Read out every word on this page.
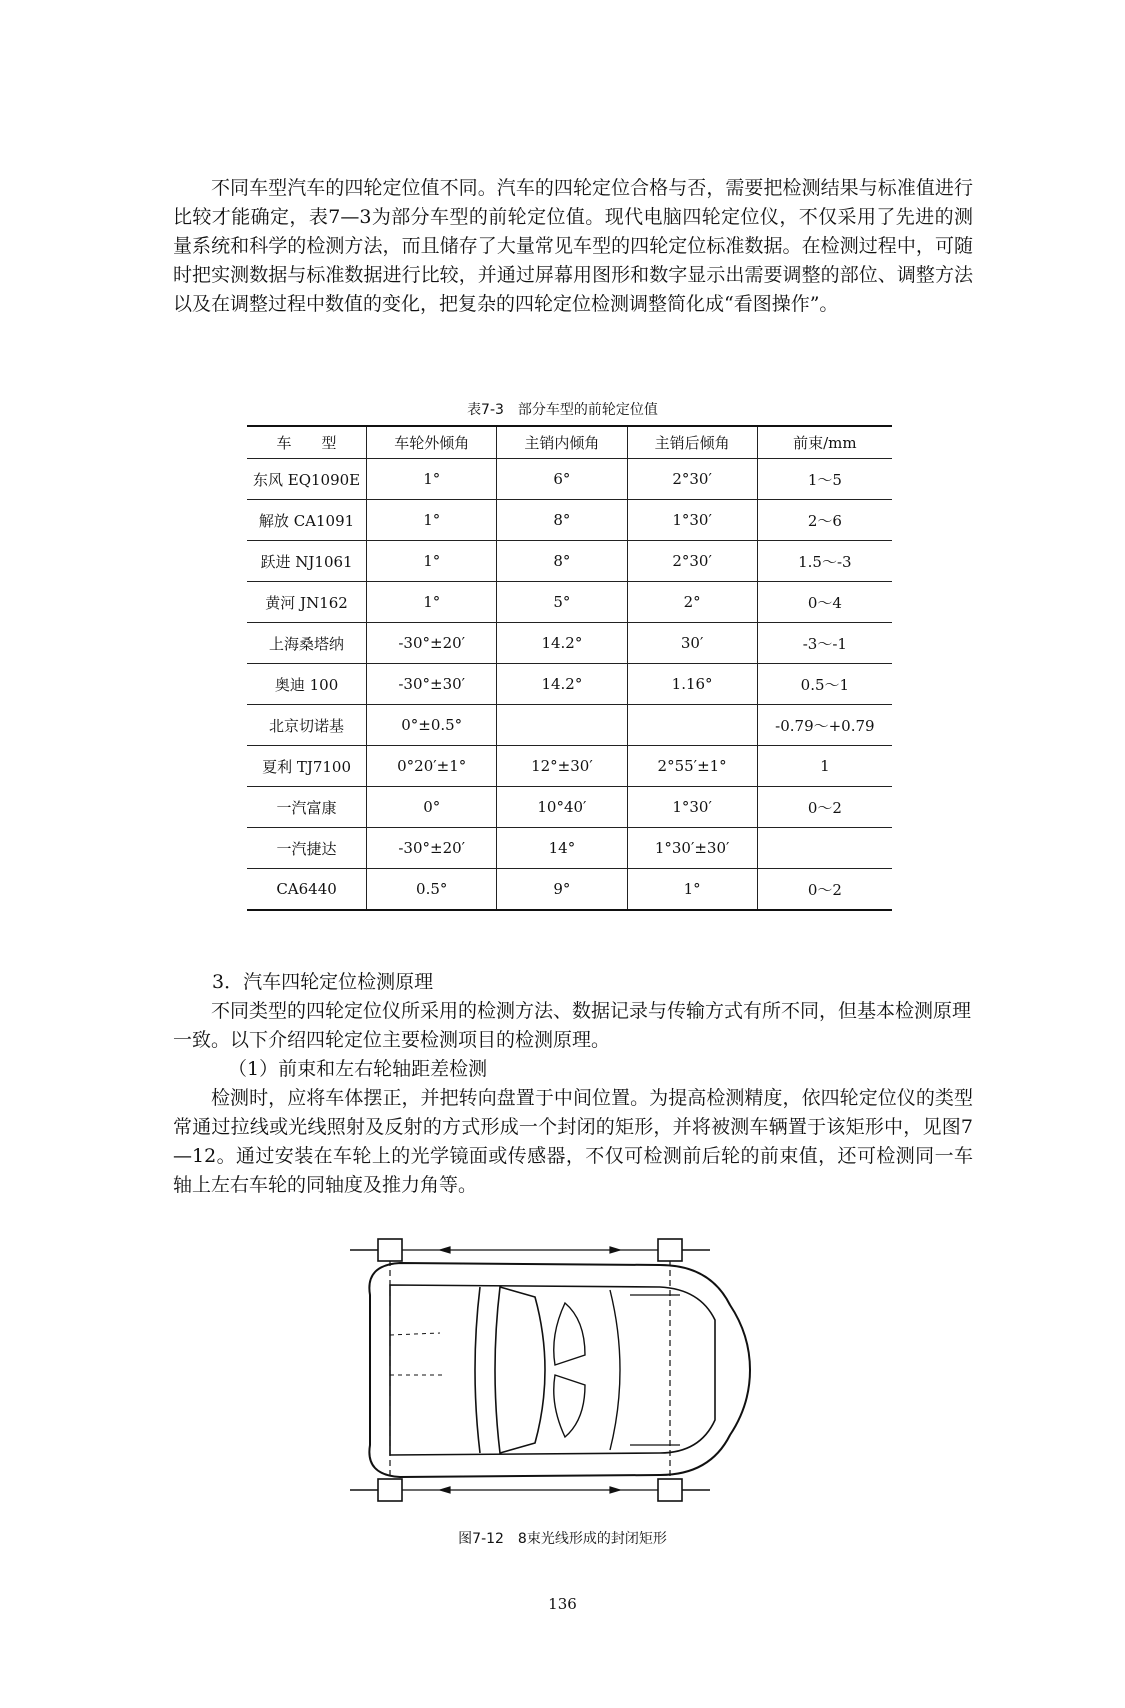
不同车型汽车的四轮定位值不同。汽车的四轮定位合格与否，需要把检测结果与标准值进行比较才能确定，表7—3为部分车型的前轮定位值。现代电脑四轮定位仪，不仅采用了先进的测量系统和科学的检测方法，而且储存了大量常见车型的四轮定位标准数据。在检测过程中，可随时把实测数据与标准数据进行比较，并通过屏幕用图形和数字显示出需要调整的部位、调整方法以及在调整过程中数值的变化，把复杂的四轮定位检测调整简化成“看图操作”。

表7-3　部分车型的前轮定位值
车　　型	车轮外倾角	主销内倾角	主销后倾角	前束/mm
东风 EQ1090E	1°	6°	2°30′	1～5
解放 CA1091	1°	8°	1°30′	2～6
跃进 NJ1061	1°	8°	2°30′	1.5～-3
黄河 JN162	1°	5°	2°	0～4
上海桑塔纳	-30°±20′	14.2°	30′	-3～-1
奥迪 100	-30°±30′	14.2°	1.16°	0.5～1
北京切诺基	0°±0.5°			-0.79～+0.79
夏利 TJ7100	0°20′±1°	12°±30′	2°55′±1°	1
一汽富康	0°	10°40′	1°30′	0～2
一汽捷达	-30°±20′	14°	1°30′±30′	
CA6440	0.5°	9°	1°	0～2
3．汽车四轮定位检测原理

不同类型的四轮定位仪所采用的检测方法、数据记录与传输方式有所不同，但基本检测原理一致。以下介绍四轮定位主要检测项目的检测原理。

（1）前束和左右轮轴距差检测

检测时，应将车体摆正，并把转向盘置于中间位置。为提高检测精度，依四轮定位仪的类型常通过拉线或光线照射及反射的方式形成一个封闭的矩形，并将被测车辆置于该矩形中，见图7—12。通过安装在车轮上的光学镜面或传感器，不仅可检测前后轮的前束值，还可检测同一车轴上左右车轮的同轴度及推力角等。

图7-12　8束光线形成的封闭矩形
136
